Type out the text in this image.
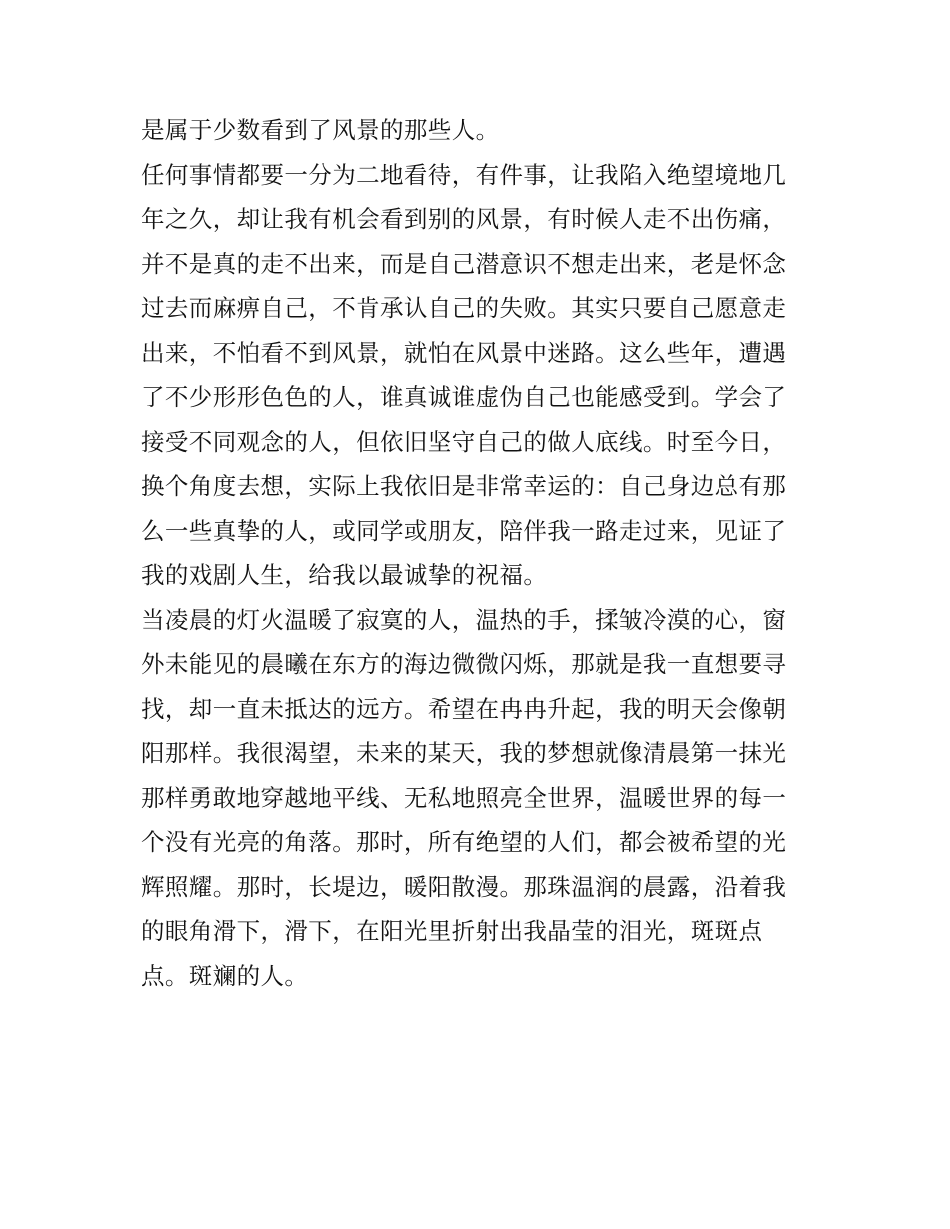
是属于少数看到了风景的那些人。
任何事情都要一分为二地看待，有件事，让我陷入绝望境地几
年之久，却让我有机会看到别的风景，有时候人走不出伤痛，
并不是真的走不出来，而是自己潜意识不想走出来，老是怀念
过去而麻痹自己，不肯承认自己的失败。其实只要自己愿意走
出来，不怕看不到风景，就怕在风景中迷路。这么些年，遭遇
了不少形形色色的人，谁真诚谁虚伪自己也能感受到。学会了
接受不同观念的人，但依旧坚守自己的做人底线。时至今日，
换个角度去想，实际上我依旧是非常幸运的：自己身边总有那
么一些真挚的人，或同学或朋友，陪伴我一路走过来，见证了
我的戏剧人生，给我以最诚挚的祝福。
当凌晨的灯火温暖了寂寞的人，温热的手，揉皱冷漠的心，窗
外未能见的晨曦在东方的海边微微闪烁，那就是我一直想要寻
找，却一直未抵达的远方。希望在冉冉升起，我的明天会像朝
阳那样。我很渴望，未来的某天，我的梦想就像清晨第一抹光
那样勇敢地穿越地平线、无私地照亮全世界，温暖世界的每一
个没有光亮的角落。那时，所有绝望的人们，都会被希望的光
辉照耀。那时，长堤边，暖阳散漫。那珠温润的晨露，沿着我
的眼角滑下，滑下，在阳光里折射出我晶莹的泪光，斑斑点
点。斑斓的人。
